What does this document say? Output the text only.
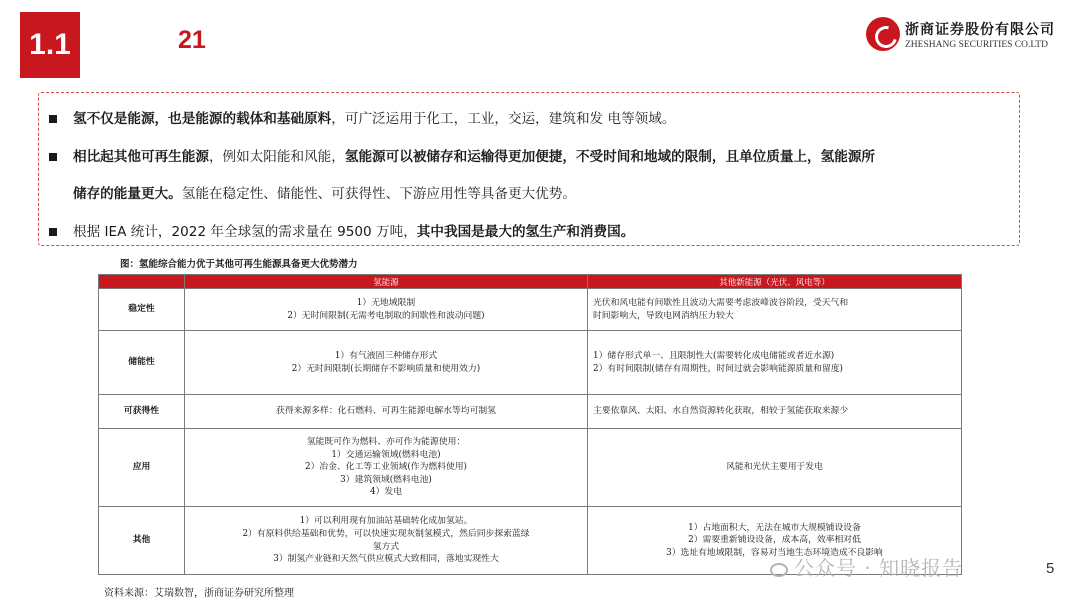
1.1	21	浙商证券股份有限公司
ZHESHANG SECURITIES CO.LTD
氢不仅是能源，也是能源的载体和基础原料，可广泛运用于化工，工业，交运，建筑和发 电等领域。
相比起其他可再生能源，例如太阳能和风能，氢能源可以被储存和运输得更加便捷，不受时间和地域的限制，且单位质量上，氢能源所
储存的能量更大。氢能在稳定性、储能性、可获得性、下游应用性等具备更大优势。
根据 IEA 统计，2022 年全球氢的需求量在 9500 万吨，其中我国是最大的氢生产和消费国。
图：氢能综合能力优于其他可再生能源具备更大优势潜力
	氢能源	其他新能源（光伏、风电等）
稳定性	1）无地域限制
2）无时间限制(无需考电制取的间歇性和波动问题)	光伏和风电能有间歇性且波动大需要考虑波峰波谷阶段，受天气和
时间影响大，导致电网消纳压力较大

储能性	1）有气液固三种储存形式
2）无时间限制(长期储存不影响质量和使用效力)	1）储存形式单一、且限制性大(需要转化成电储能或者近水源)
2）有时间限制(储存有周期性，时间过就会影响能源质量和留度)

可获得性	获得来源多样：化石燃料、可再生能源电解水等均可制氢	主要依靠风、太阳、水自然资源转化获取，相较于氢能获取来源少

应用	氢能既可作为燃料、亦可作为能源使用：
1）交通运输领域(燃料电池)
2）冶金、化工等工业领域(作为燃料使用)
3）建筑领域(燃料电池)
4）发电	风能和光伏主要用于发电

其他	1）可以利用现有加油站基础转化成加氢站。
2）有原料供给基础和优势，可以快速实现灰制氢模式，然后同步探索蓝绿
氢方式
3）制氢产业链和天然气供应模式大致相同，落地实现性大	1）占地面积大，无法在城市大规模铺设设备
2）需要重新铺设设备，成本高，效率相对低
3）选址有地域限制，容易对当地生态环境造成不良影响
资料来源：艾瑞数智，浙商证券研究所整理
公众号 · 知晓报告	5
